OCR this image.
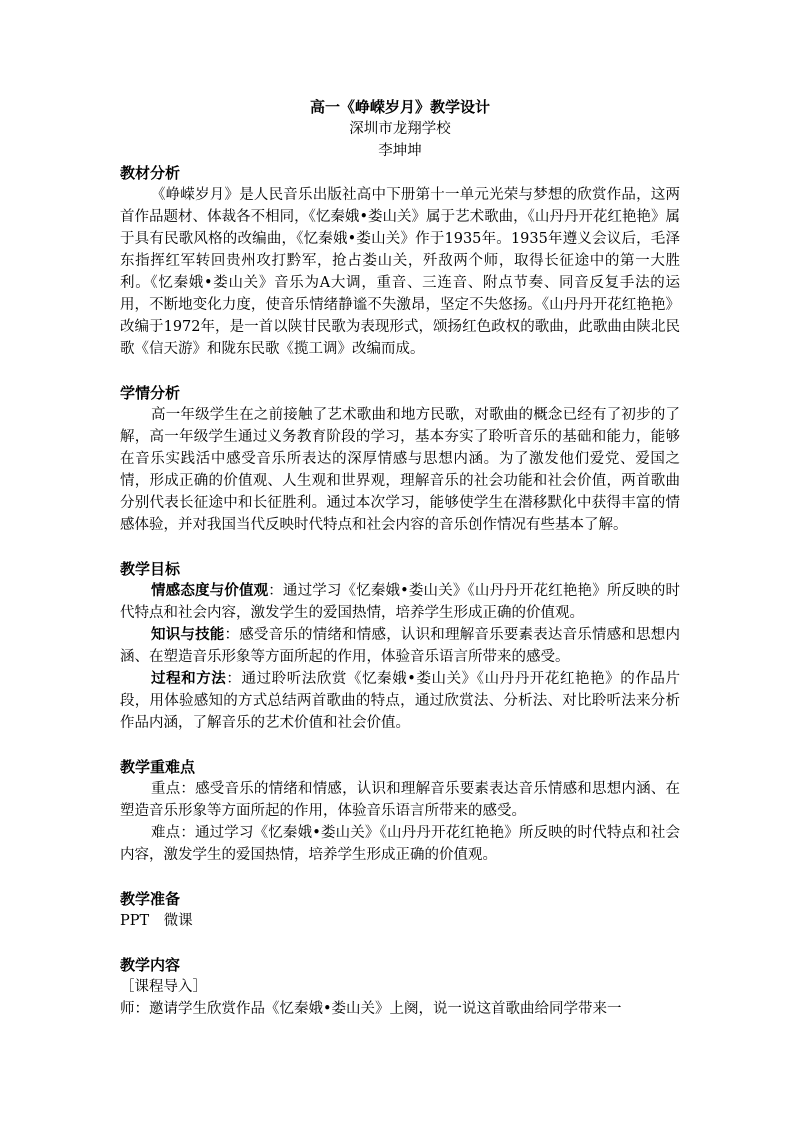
高一《峥嵘岁月》教学设计
深圳市龙翔学校
李坤坤
教材分析
《峥嵘岁月》是人民音乐出版社高中下册第十一单元光荣与梦想的欣赏作品，这两首作品题材、体裁各不相同，《忆秦娥•娄山关》属于艺术歌曲，《山丹丹开花红艳艳》属于具有民歌风格的改编曲，《忆秦娥•娄山关》作于1935年。1935年遵义会议后，毛泽东指挥红军转回贵州攻打黔军，抢占娄山关，歼敌两个师，取得长征途中的第一大胜利。《忆秦娥•娄山关》音乐为A大调，重音、三连音、附点节奏、同音反复手法的运用，不断地变化力度，使音乐情绪静谧不失激昂，坚定不失悠扬。《山丹丹开花红艳艳》改编于1972年，是一首以陕甘民歌为表现形式，颂扬红色政权的歌曲，此歌曲由陕北民歌《信天游》和陇东民歌《揽工调》改编而成。
学情分析
高一年级学生在之前接触了艺术歌曲和地方民歌，对歌曲的概念已经有了初步的了解，高一年级学生通过义务教育阶段的学习，基本夯实了聆听音乐的基础和能力，能够在音乐实践活中感受音乐所表达的深厚情感与思想内涵。为了激发他们爱党、爱国之情，形成正确的价值观、人生观和世界观，理解音乐的社会功能和社会价值，两首歌曲分别代表长征途中和长征胜利。通过本次学习，能够使学生在潜移默化中获得丰富的情感体验，并对我国当代反映时代特点和社会内容的音乐创作情况有些基本了解。
教学目标
情感态度与价值观：通过学习《忆秦娥•娄山关》《山丹丹开花红艳艳》所反映的时代特点和社会内容，激发学生的爱国热情，培养学生形成正确的价值观。
知识与技能：感受音乐的情绪和情感，认识和理解音乐要素表达音乐情感和思想内涵、在塑造音乐形象等方面所起的作用，体验音乐语言所带来的感受。
过程和方法：通过聆听法欣赏《忆秦娥•娄山关》《山丹丹开花红艳艳》的作品片段，用体验感知的方式总结两首歌曲的特点，通过欣赏法、分析法、对比聆听法来分析作品内涵，了解音乐的艺术价值和社会价值。
教学重难点
重点：感受音乐的情绪和情感，认识和理解音乐要素表达音乐情感和思想内涵、在塑造音乐形象等方面所起的作用，体验音乐语言所带来的感受。
难点：通过学习《忆秦娥•娄山关》《山丹丹开花红艳艳》所反映的时代特点和社会内容，激发学生的爱国热情，培养学生形成正确的价值观。
教学准备
PPT　微课
教学内容
［课程导入］
师：邀请学生欣赏作品《忆秦娥•娄山关》上阕，说一说这首歌曲给同学带来一
